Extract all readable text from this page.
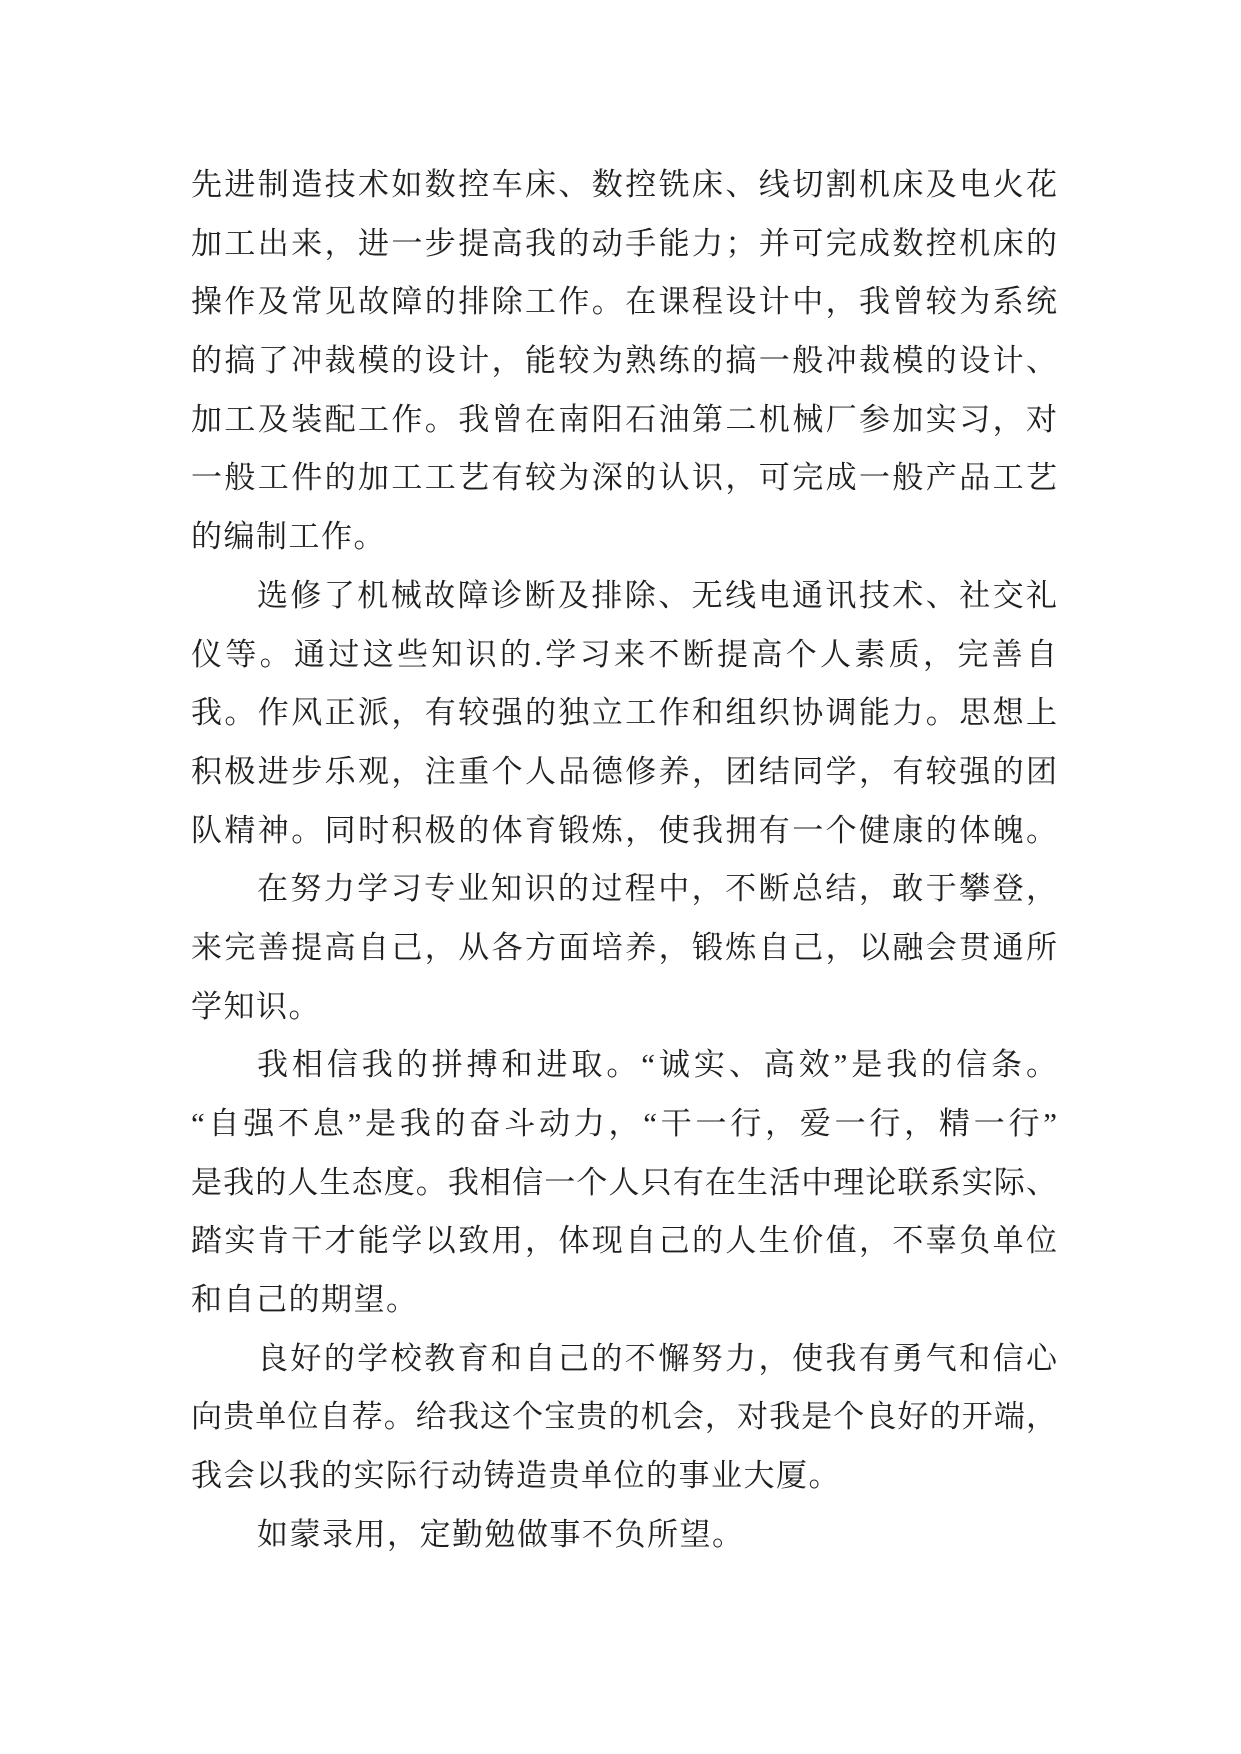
先进制造技术如数控车床、数控铣床、线切割机床及电火花
加工出来，进一步提高我的动手能力；并可完成数控机床的
操作及常见故障的排除工作。在课程设计中，我曾较为系统
的搞了冲裁模的设计，能较为熟练的搞一般冲裁模的设计、
加工及装配工作。我曾在南阳石油第二机械厂参加实习，对
一般工件的加工工艺有较为深的认识，可完成一般产品工艺
的编制工作。
选修了机械故障诊断及排除、无线电通讯技术、社交礼
仪等。通过这些知识的.学习来不断提高个人素质，完善自
我。作风正派，有较强的独立工作和组织协调能力。思想上
积极进步乐观，注重个人品德修养，团结同学，有较强的团
队精神。同时积极的体育锻炼，使我拥有一个健康的体魄。
在努力学习专业知识的过程中，不断总结，敢于攀登，
来完善提高自己，从各方面培养，锻炼自己，以融会贯通所
学知识。
我相信我的拼搏和进取。“诚实、高效”是我的信条。
“自强不息”是我的奋斗动力，“干一行，爱一行，精一行”
是我的人生态度。我相信一个人只有在生活中理论联系实际、
踏实肯干才能学以致用，体现自己的人生价值，不辜负单位
和自己的期望。
良好的学校教育和自己的不懈努力，使我有勇气和信心
向贵单位自荐。给我这个宝贵的机会，对我是个良好的开端，
我会以我的实际行动铸造贵单位的事业大厦。
如蒙录用，定勤勉做事不负所望。
